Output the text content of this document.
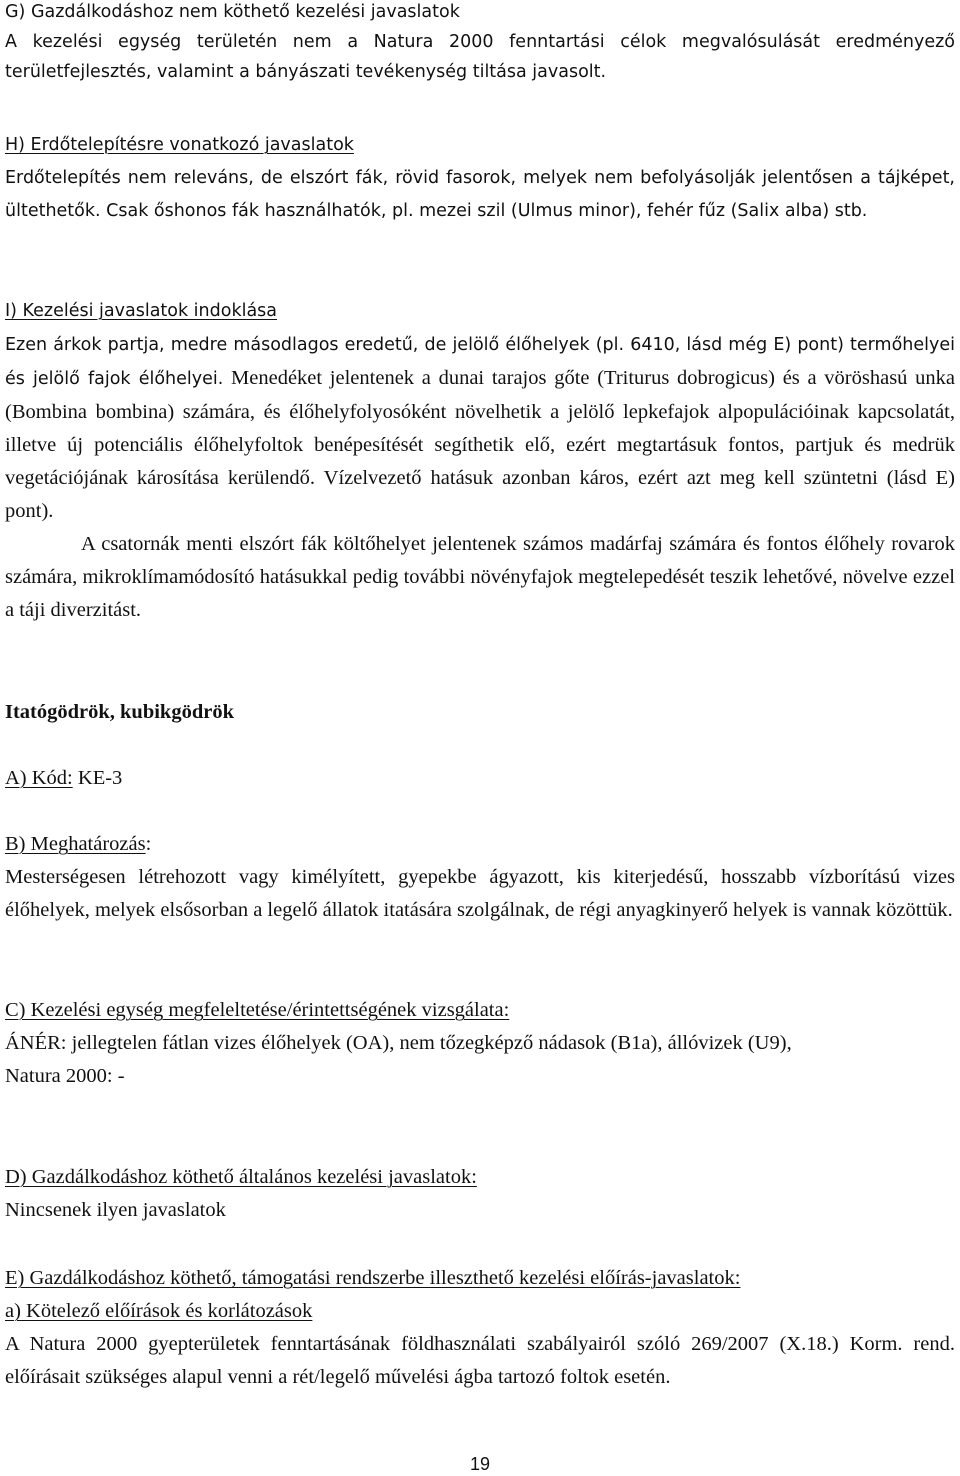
G) Gazdálkodáshoz nem köthető kezelési javaslatok

A kezelési egység területén nem a Natura 2000 fenntartási célok megvalósulását eredményező területfejlesztés, valamint a bányászati tevékenység tiltása javasolt.

H) Erdőtelepítésre vonatkozó javaslatok

Erdőtelepítés nem releváns, de elszórt fák, rövid fasorok, melyek nem befolyásolják jelentősen a tájképet, ültethetők. Csak őshonos fák használhatók, pl. mezei szil (Ulmus minor), fehér fűz (Salix alba) stb.

I) Kezelési javaslatok indoklása

Ezen árkok partja, medre másodlagos eredetű, de jelölő élőhelyek (pl. 6410, lásd még E) pont) termőhelyei és jelölő fajok élőhelyei. Menedéket jelentenek a dunai tarajos gőte (Triturus dobrogicus) és a vöröshasú unka (Bombina bombina) számára, és élőhelyfolyosóként növelhetik a jelölő lepkefajok alpopulációinak kapcsolatát, illetve új potenciális élőhelyfoltok benépesítését segíthetik elő, ezért megtartásuk fontos, partjuk és medrük vegetációjának károsítása kerülendő. Vízelvezető hatásuk azonban káros, ezért azt meg kell szüntetni (lásd E) pont).

A csatornák menti elszórt fák költőhelyet jelentenek számos madárfaj számára és fontos élőhely rovarok számára, mikroklímamódosító hatásukkal pedig további növényfajok megtelepedését teszik lehetővé, növelve ezzel a táji diverzitást.

Itatógödrök, kubikgödrök
A) Kód: KE-3

B) Meghatározás:

Mesterségesen létrehozott vagy kimélyített, gyepekbe ágyazott, kis kiterjedésű, hosszabb vízborítású vizes élőhelyek, melyek elsősorban a legelő állatok itatására szolgálnak, de régi anyagkinyerő helyek is vannak közöttük.

C) Kezelési egység megfeleltetése/érintettségének vizsgálata:

ÁNÉR: jellegtelen fátlan vizes élőhelyek (OA), nem tőzegképző nádasok (B1a), állóvizek (U9),

Natura 2000: -

D) Gazdálkodáshoz köthető általános kezelési javaslatok:

Nincsenek ilyen javaslatok

E) Gazdálkodáshoz köthető, támogatási rendszerbe illeszthető kezelési előírás-javaslatok:

a) Kötelező előírások és korlátozások

A Natura 2000 gyepterületek fenntartásának földhasználati szabályairól szóló 269/2007 (X.18.) Korm. rend. előírásait szükséges alapul venni a rét/legelő művelési ágba tartozó foltok esetén.

19
